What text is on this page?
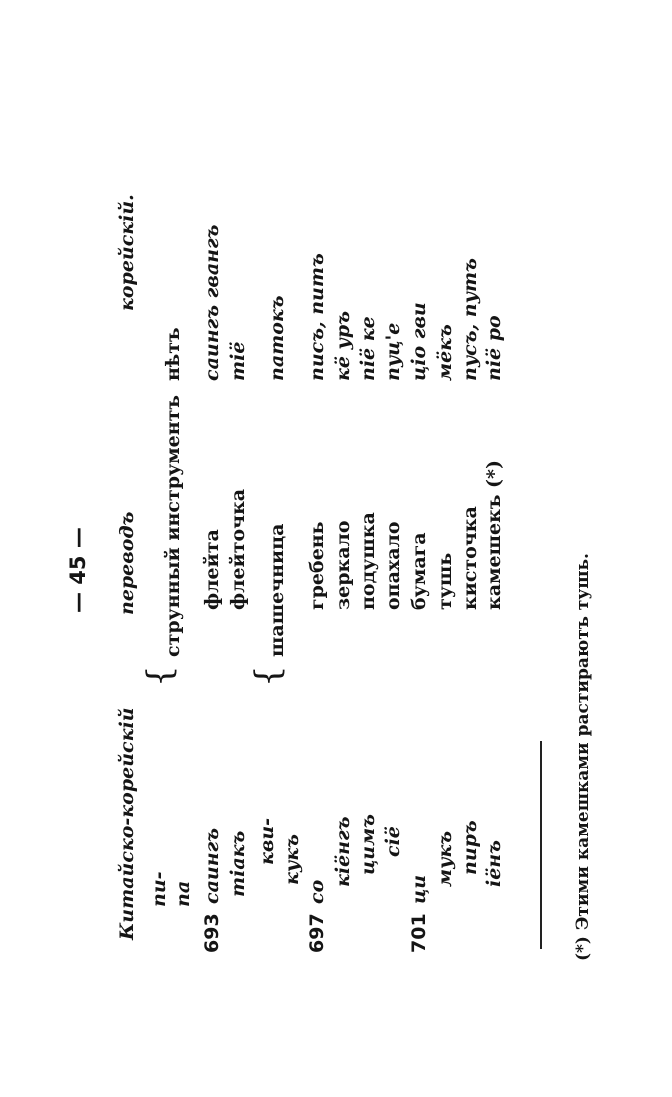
— 45 —
Китайско-корейскій
переводъ
корейскій.
{ {
пи-
струнный инструментъ
нѣтъ
па
693
саингъ
флейта
саингъ гвангъ
тіакъ
флейточка
тіё
кви- кукъ
шашечница
патокъ
697
со
гребень
писъ, питъ
кіёнгъ
зеркало
кё уръ
цимъ
подушка
пiё ке
сіё
опахало
пуц'е
701
ци
бумага
цiо гви
мукъ
тушь
мёкъ
пиръ
кисточка
пусъ, путъ
іёнъ
камешекъ (*)
пiё ро
(*) Этими камешками растираютъ тушь.
